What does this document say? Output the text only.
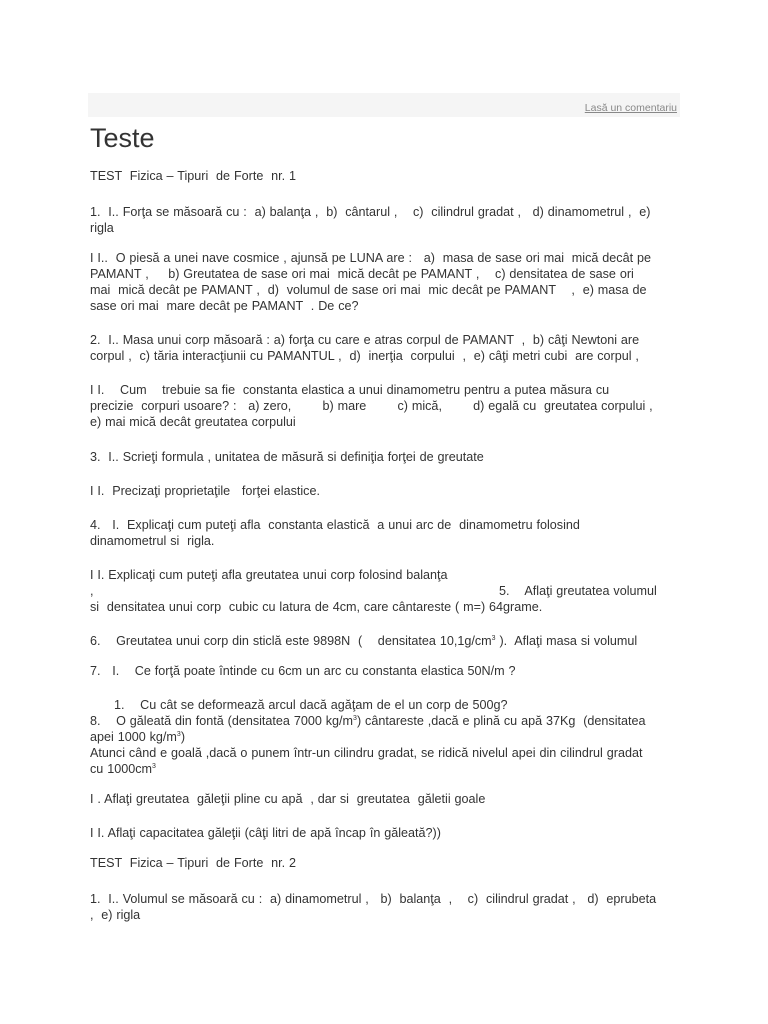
Lasă un comentariu
Teste

TEST  Fizica – Tipuri  de Forte  nr. 1

1.  I.. Forţa se măsoară cu :  a) balanţa ,  b)  cântarul ,    c)  cilindrul gradat ,   d) dinamometrul ,  e)
rigla

I I..  O piesă a unei nave cosmice , ajunsă pe LUNA are :   a)  masa de sase ori mai  mică decât pe
PAMANT ,     b) Greutatea de sase ori mai  mică decât pe PAMANT ,    c) densitatea de sase ori
mai  mică decât pe PAMANT ,  d)  volumul de sase ori mai  mic decât pe PAMANT    ,  e) masa de
sase ori mai  mare decât pe PAMANT  . De ce?

2.  I.. Masa unui corp măsoară : a) forţa cu care e atras corpul de PAMANT  ,  b) câţi Newtoni are
corpul ,  c) tăria interacţiunii cu PAMANTUL ,  d)  inerţia  corpului  ,  e) câţi metri cubi  are corpul ,

I I.    Cum    trebuie sa fie  constanta elastica a unui dinamometru pentru a putea măsura cu
precizie  corpuri usoare? :   a) zero,        b) mare        c) mică,        d) egală cu  greutatea corpului ,
e) mai mică decât greutatea corpului

3.  I.. Scrieţi formula , unitatea de măsură si definiţia forţei de greutate

I I.  Precizaţi proprietaţile   forţei elastice.

4.   I.  Explicaţi cum puteţi afla  constanta elastică  a unui arc de  dinamometru folosind
dinamometrul si  rigla.

I I. Explicaţi cum puteţi afla greutatea unui corp folosind balanţa
,                                                                                                        5.    Aflaţi greutatea volumul
si  densitatea unui corp  cubic cu latura de 4cm, care cântareste ( m=) 64grame.

6.    Greutatea unui corp din sticlă este 9898N  (    densitatea $10,1g/cm^3$ ).  Aflaţi masa si volumul

7.   I.    Ce forţă poate întinde cu 6cm un arc cu constanta elastica 50N/m ?

1.    Cu cât se deformează arcul dacă agăţam de el un corp de 500g?

8.    O găleată din fontă (densitatea 7000 $kg/m^3$) cântareste ,dacă e plină cu apă 37Kg  (densitatea
apei 1000 $kg/m^3$)
Atunci când e goală ,dacă o punem într-un cilindru gradat, se ridică nivelul apei din cilindrul gradat
cu $1000cm^3$

I . Aflaţi greutatea  găleţii pline cu apă  , dar si  greutatea  găletii goale

I I. Aflaţi capacitatea găleţii (câţi litri de apă încap în găleată?))

TEST  Fizica – Tipuri  de Forte  nr. 2

1.  I.. Volumul se măsoară cu :  a) dinamometrul ,   b)  balanţa  ,    c)  cilindrul gradat ,   d)  eprubeta
,  e) rigla
